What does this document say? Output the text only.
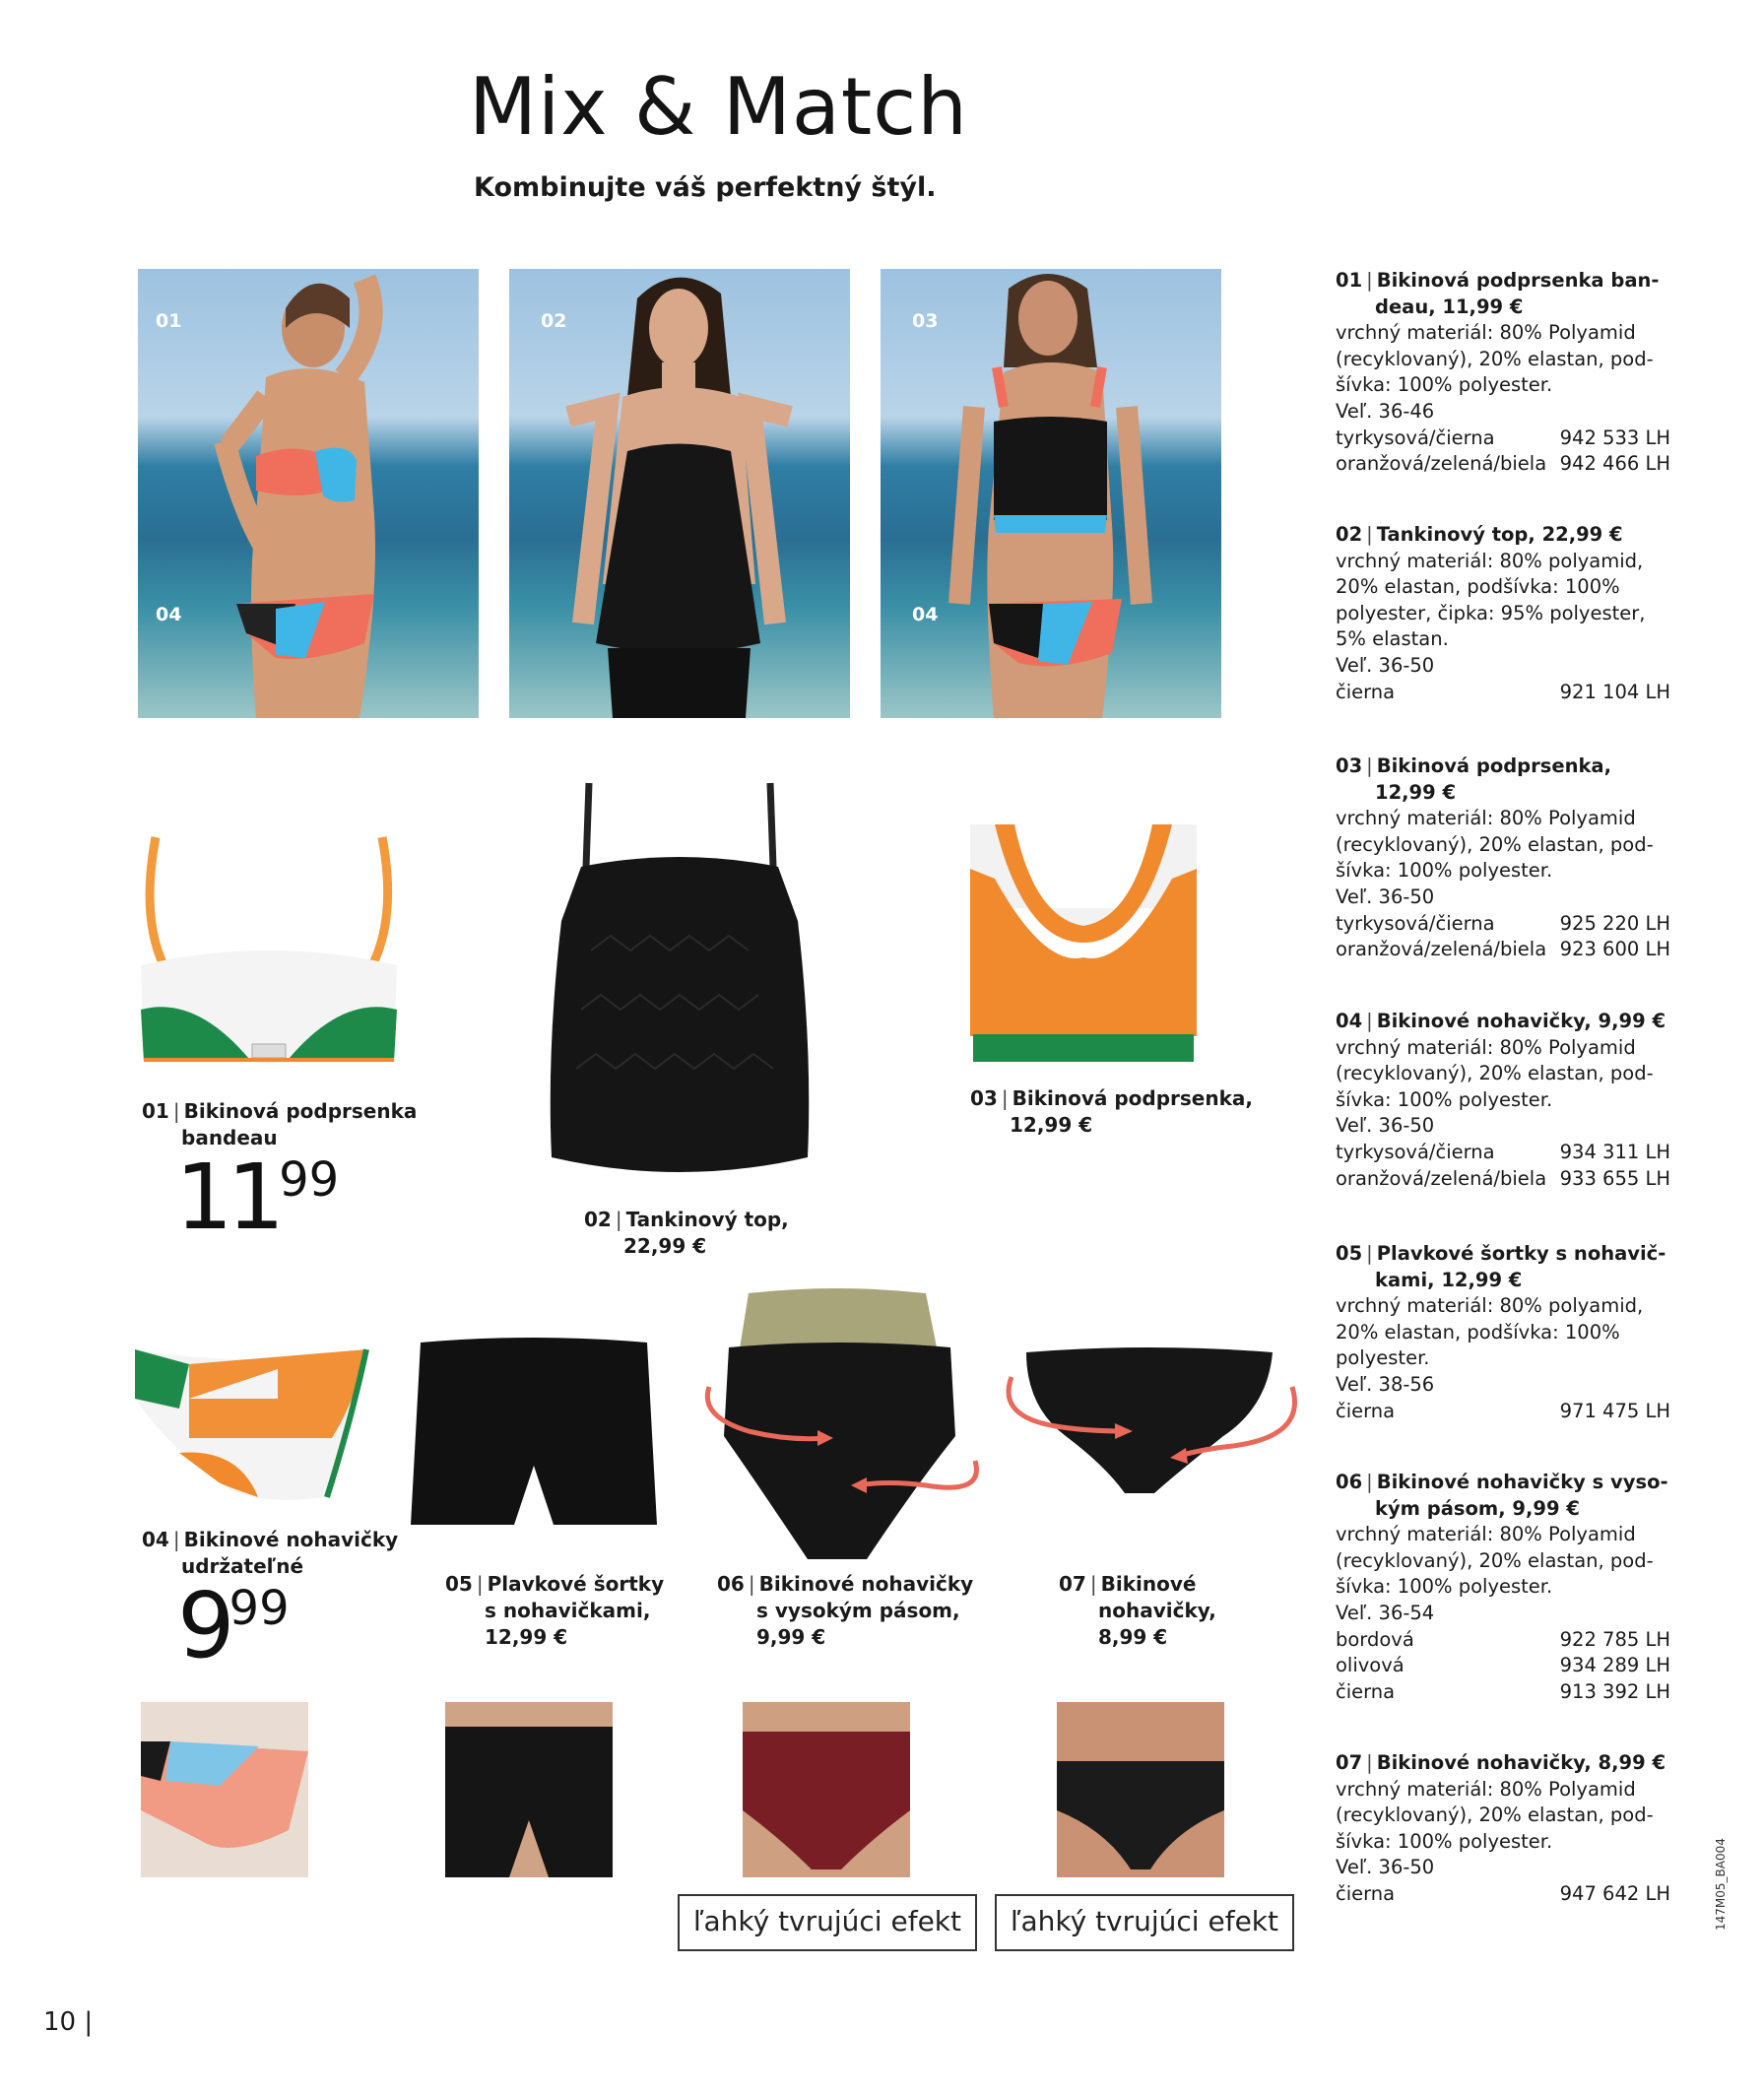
Mix & Match
Kombinujte váš perfektný štýl.
01
04
02	03
04
01 | Bikinová podprsenka
bandeau
$11^{99}$
02 | Tankinový top,
22,99 €
03 | Bikinová podprsenka,
12,99 €
04 | Bikinové nohavičky
udržateľné
$9^{99}$	05 | Plavkové šortky
s nohavičkami,
12,99 €
06 | Bikinové nohavičky
s vysokým pásom,
9,99 €
07 | Bikinové
nohavičky,
8,99 €
ľahký tvrujúci efekt	ľahký tvrujúci efekt
01 | Bikinová podprsenka ban-
deau, 11,99 €
vrchný materiál: 80% Polyamid
(recyklovaný), 20% elastan, pod-
šívka: 100% polyester.
Veľ. 36-46
tyrkysová/čierna	942 533 LH
oranžová/zelená/biela 942 466 LH
02 | Tankinový top, 22,99 €
vrchný materiál: 80% polyamid,
20% elastan, podšívka: 100%
polyester, čipka: 95% polyester,
5% elastan.
Veľ. 36-50
čierna	921 104 LH
03 | Bikinová podprsenka,
12,99 €
vrchný materiál: 80% Polyamid
(recyklovaný), 20% elastan, pod-
šívka: 100% polyester.
Veľ. 36-50
tyrkysová/čierna	925 220 LH
oranžová/zelená/biela 923 600 LH
04 | Bikinové nohavičky, 9,99 €
vrchný materiál: 80% Polyamid
(recyklovaný), 20% elastan, pod-
šívka: 100% polyester.
Veľ. 36-50
tyrkysová/čierna	934 311 LH
oranžová/zelená/biela 933 655 LH
05 | Plavkové šortky s nohavič-
kami, 12,99 €
vrchný materiál: 80% polyamid,
20% elastan, podšívka: 100%
polyester.
Veľ. 38-56
čierna	971 475 LH
06 | Bikinové nohavičky s vyso-
kým pásom, 9,99 €
vrchný materiál: 80% Polyamid
(recyklovaný), 20% elastan, pod-
šívka: 100% polyester.
Veľ. 36-54
bordová	922 785 LH
olivová	934 289 LH
čierna	913 392 LH
07 | Bikinové nohavičky, 8,99 €
vrchný materiál: 80% Polyamid
(recyklovaný), 20% elastan, pod-
šívka: 100% polyester.
Veľ. 36-50
čierna	947 642 LH
10 |
147M05_BA004
